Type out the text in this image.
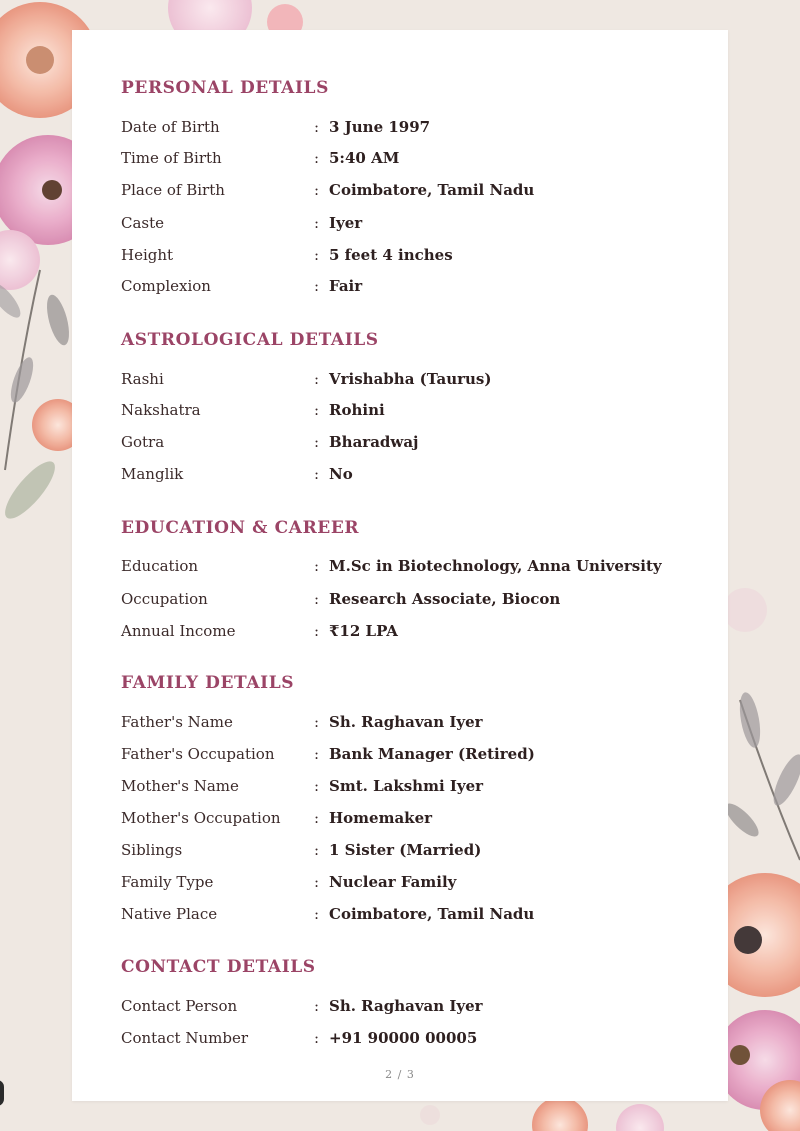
PERSONAL DETAILS
Date of Birth	: 3 June 1997
Time of Birth	: 5:40 AM
Place of Birth	: Coimbatore, Tamil Nadu
Caste	: Iyer
Height	: 5 feet 4 inches
Complexion	: Fair
ASTROLOGICAL DETAILS
Rashi	: Vrishabha (Taurus)
Nakshatra	: Rohini
Gotra	: Bharadwaj
Manglik	: No
EDUCATION & CAREER
Education	: M.Sc in Biotechnology, Anna University
Occupation	: Research Associate, Biocon
Annual Income	: ₹12 LPA
FAMILY DETAILS
Father's Name	: Sh. Raghavan Iyer
Father's Occupation	: Bank Manager (Retired)
Mother's Name	: Smt. Lakshmi Iyer
Mother's Occupation : Homemaker
Siblings	: 1 Sister (Married)
Family Type	: Nuclear Family
Native Place	: Coimbatore, Tamil Nadu
CONTACT DETAILS
Contact Person	: Sh. Raghavan Iyer
Contact Number	: +91 90000 00005
2 / 3
